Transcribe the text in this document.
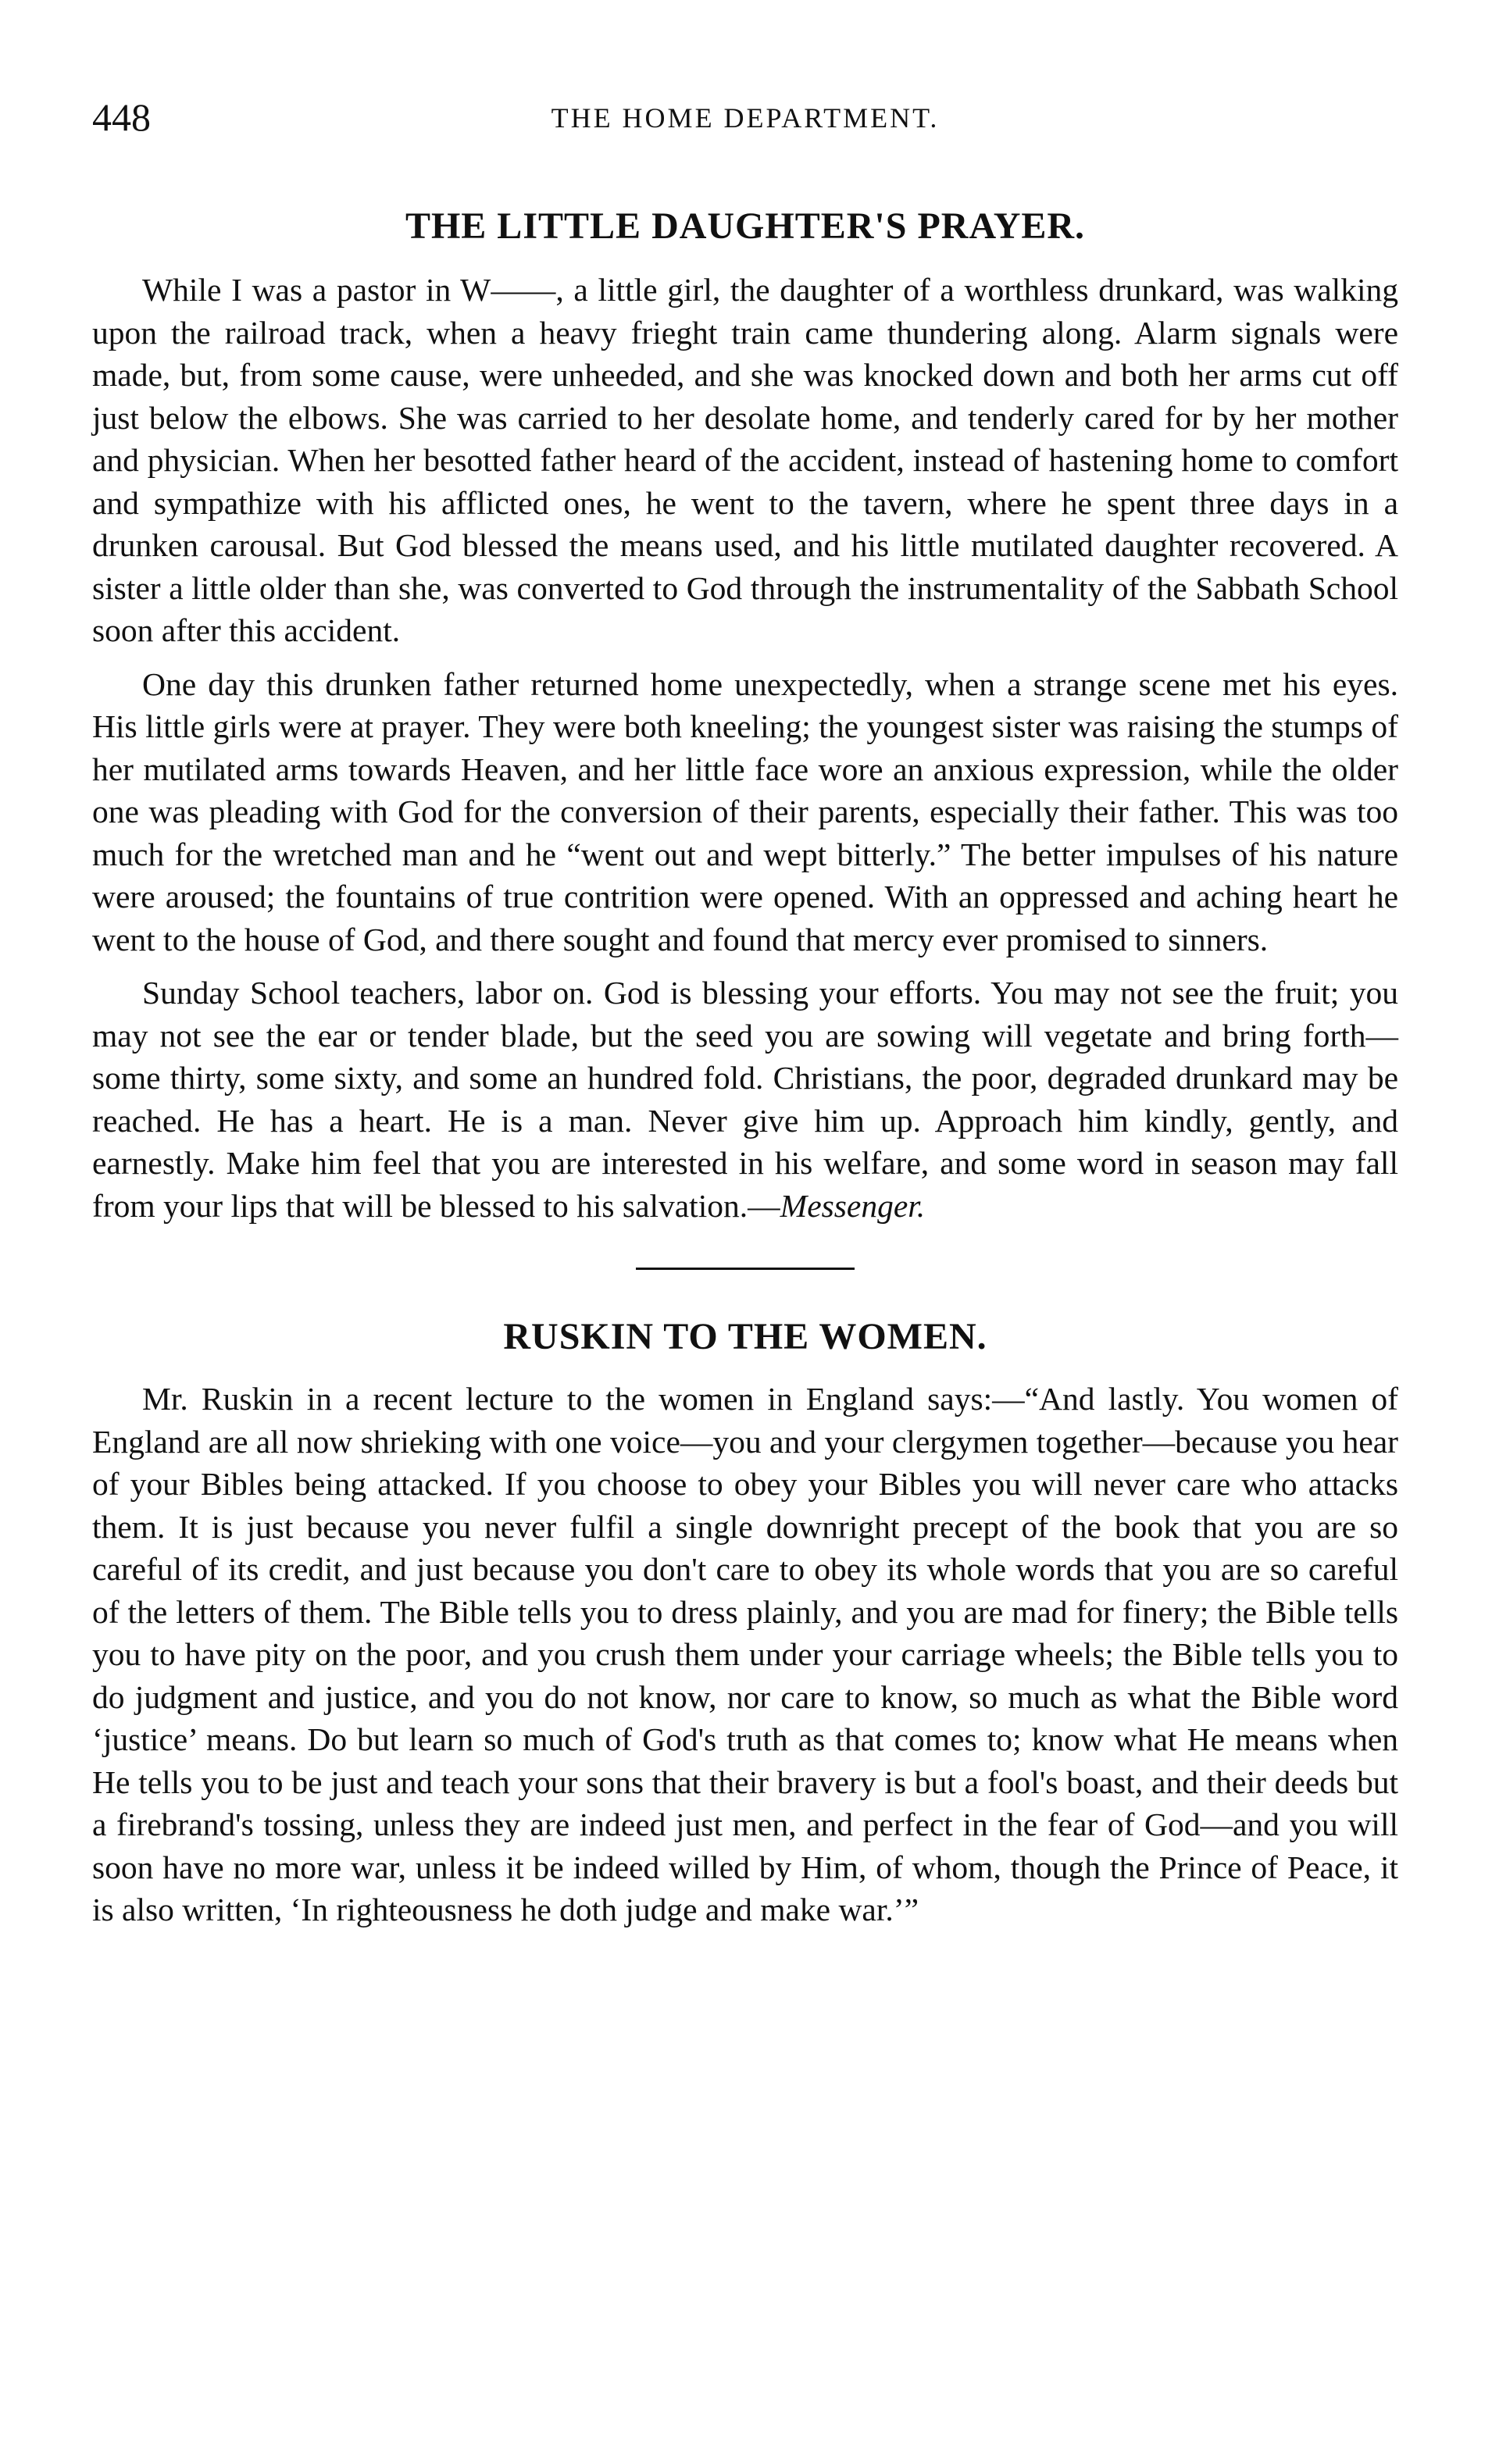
448	THE HOME DEPARTMENT.
THE LITTLE DAUGHTER'S PRAYER.

While I was a pastor in W——, a little girl, the daughter of a worthless drunkard, was walking upon the railroad track, when a heavy frieght train came thundering along. Alarm signals were made, but, from some cause, were unheeded, and she was knocked down and both her arms cut off just below the elbows. She was carried to her desolate home, and tenderly cared for by her mother and physician. When her besotted father heard of the accident, instead of hastening home to comfort and sympathize with his afflicted ones, he went to the tavern, where he spent three days in a drunken carousal. But God blessed the means used, and his little mutilated daughter recovered. A sister a little older than she, was converted to God through the instrumentality of the Sabbath School soon after this accident.

One day this drunken father returned home unexpectedly, when a strange scene met his eyes. His little girls were at prayer. They were both kneeling; the youngest sister was raising the stumps of her mutilated arms towards Heaven, and her little face wore an anxious expression, while the older one was pleading with God for the conversion of their parents, especially their father. This was too much for the wretched man and he “went out and wept bitterly.” The better impulses of his nature were aroused; the fountains of true contrition were opened. With an oppressed and aching heart he went to the house of God, and there sought and found that mercy ever promised to sinners.

Sunday School teachers, labor on. God is blessing your efforts. You may not see the fruit; you may not see the ear or tender blade, but the seed you are sowing will vegetate and bring forth—some thirty, some sixty, and some an hundred fold. Christians, the poor, degraded drunkard may be reached. He has a heart. He is a man. Never give him up. Approach him kindly, gently, and earnestly. Make him feel that you are interested in his welfare, and some word in season may fall from your lips that will be blessed to his salvation.—Messenger.

RUSKIN TO THE WOMEN.

Mr. Ruskin in a recent lecture to the women in England says:—“And lastly. You women of England are all now shrieking with one voice—you and your clergymen together—because you hear of your Bibles being attacked. If you choose to obey your Bibles you will never care who attacks them. It is just because you never fulfil a single downright precept of the book that you are so careful of its credit, and just because you don't care to obey its whole words that you are so careful of the letters of them. The Bible tells you to dress plainly, and you are mad for finery; the Bible tells you to have pity on the poor, and you crush them under your carriage wheels; the Bible tells you to do judgment and justice, and you do not know, nor care to know, so much as what the Bible word ‘justice’ means. Do but learn so much of God's truth as that comes to; know what He means when He tells you to be just and teach your sons that their bravery is but a fool's boast, and their deeds but a firebrand's tossing, unless they are indeed just men, and perfect in the fear of God—and you will soon have no more war, unless it be indeed willed by Him, of whom, though the Prince of Peace, it is also written, ‘In righteousness he doth judge and make war.’”
